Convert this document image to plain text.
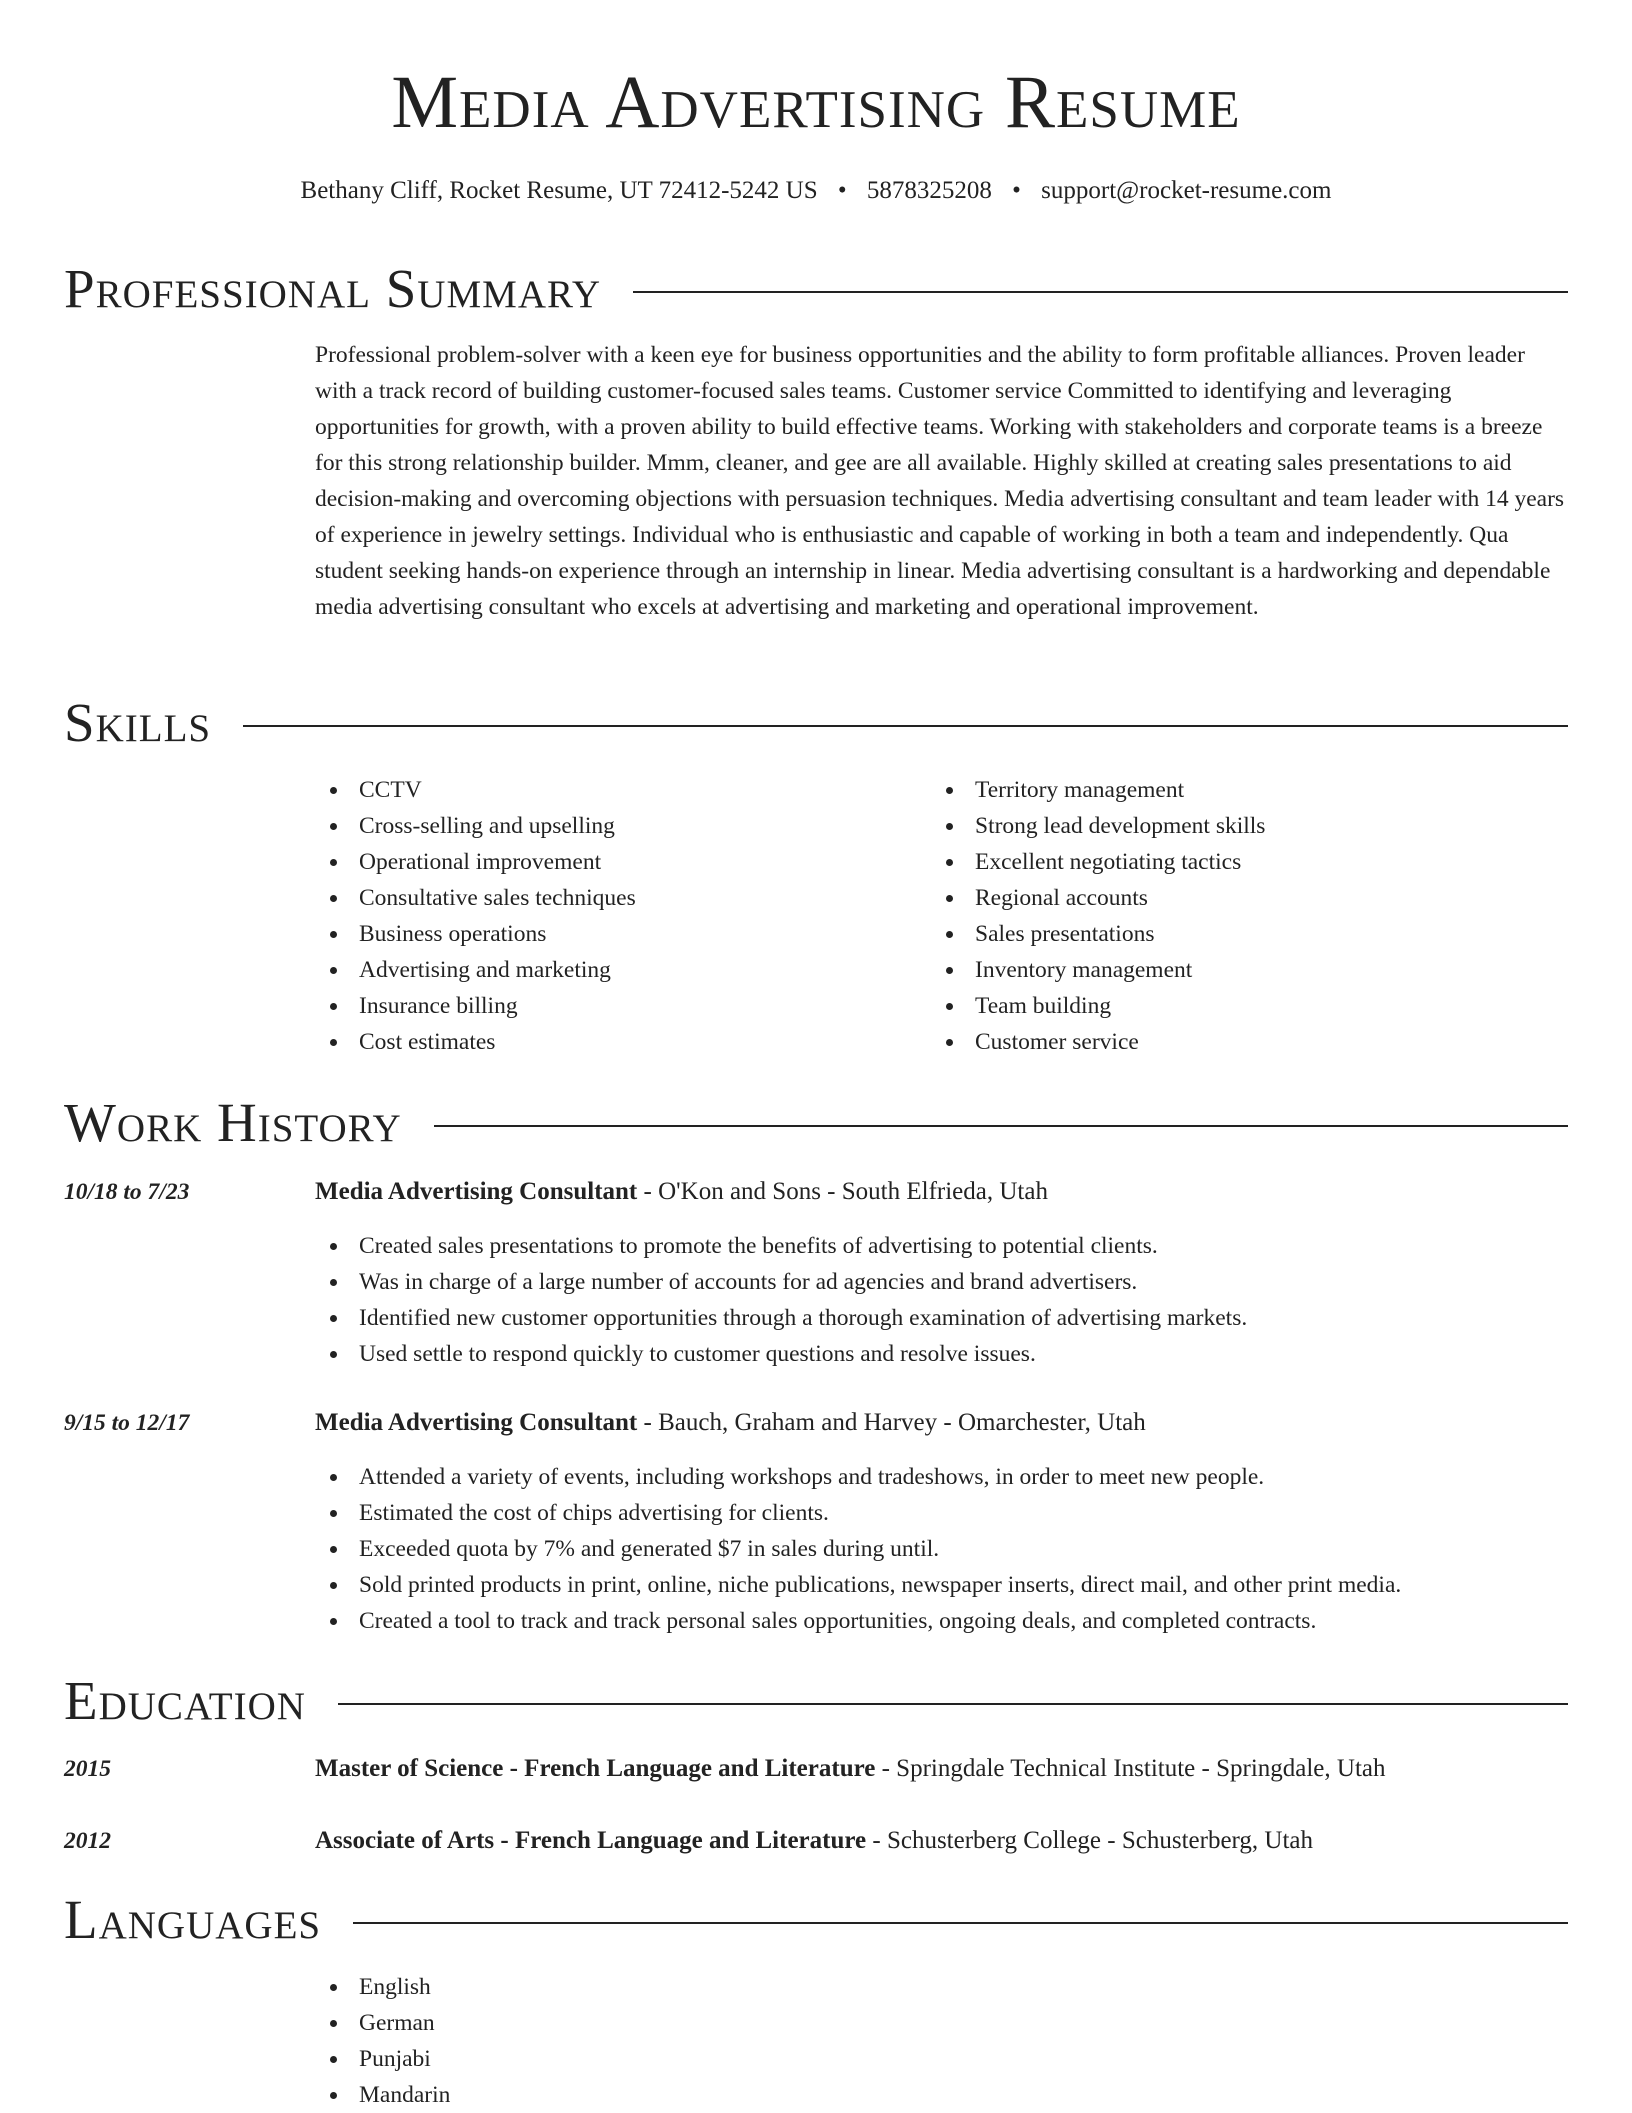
Media Advertising Resume

Bethany Cliff, Rocket Resume, UT 72412-5242 US • 5878325208 • support@rocket-resume.com

Professional Summary

Professional problem-solver with a keen eye for business opportunities and the ability to form profitable alliances. Proven leader with a track record of building customer-focused sales teams. Customer service Committed to identifying and leveraging opportunities for growth, with a proven ability to build effective teams. Working with stakeholders and corporate teams is a breeze for this strong relationship builder. Mmm, cleaner, and gee are all available. Highly skilled at creating sales presentations to aid decision-making and overcoming objections with persuasion techniques. Media advertising consultant and team leader with 14 years of experience in jewelry settings. Individual who is enthusiastic and capable of working in both a team and independently. Qua student seeking hands-on experience through an internship in linear. Media advertising consultant is a hardworking and dependable media advertising consultant who excels at advertising and marketing and operational improvement.

Skills
CCTV
Cross-selling and upselling
Operational improvement
Consultative sales techniques
Business operations
Advertising and marketing
Insurance billing
Cost estimates
Territory management
Strong lead development skills
Excellent negotiating tactics
Regional accounts
Sales presentations
Inventory management
Team building
Customer service
Work History
10/18 to 7/23	Media Advertising Consultant - O'Kon and Sons - South Elfrieda, Utah
Created sales presentations to promote the benefits of advertising to potential clients.
Was in charge of a large number of accounts for ad agencies and brand advertisers.
Identified new customer opportunities through a thorough examination of advertising markets.
Used settle to respond quickly to customer questions and resolve issues.
9/15 to 12/17	Media Advertising Consultant - Bauch, Graham and Harvey - Omarchester, Utah
Attended a variety of events, including workshops and tradeshows, in order to meet new people.
Estimated the cost of chips advertising for clients.
Exceeded quota by 7% and generated $7 in sales during until.
Sold printed products in print, online, niche publications, newspaper inserts, direct mail, and other print media.
Created a tool to track and track personal sales opportunities, ongoing deals, and completed contracts.
Education
2015	Master of Science - French Language and Literature - Springdale Technical Institute - Springdale, Utah
2012	Associate of Arts - French Language and Literature - Schusterberg College - Schusterberg, Utah
Languages
English
German
Punjabi
Mandarin
